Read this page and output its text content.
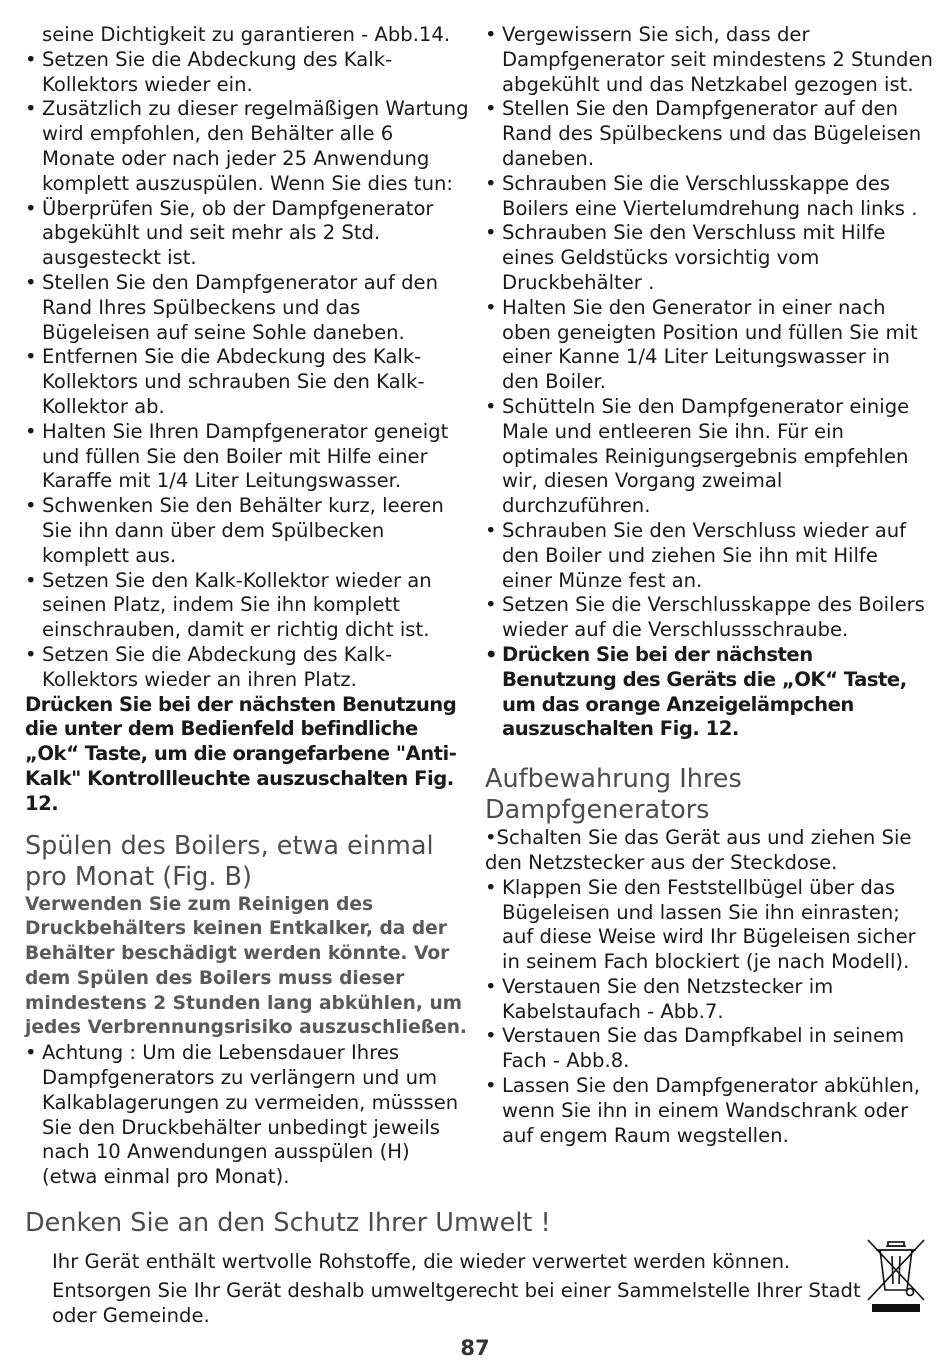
seine Dichtigkeit zu garantieren - Abb.14.
• Setzen Sie die Abdeckung des Kalk-Kollektors wieder ein.
• Zusätzlich zu dieser regelmäßigen Wartung wird empfohlen, den Behälter alle 6 Monate oder nach jeder 25 Anwendung komplett auszuspülen. Wenn Sie dies tun:
• Überprüfen Sie, ob der Dampfgenerator abgekühlt und seit mehr als 2 Std. ausgesteckt ist.
• Stellen Sie den Dampfgenerator auf den Rand Ihres Spülbeckens und das Bügeleisen auf seine Sohle daneben.
• Entfernen Sie die Abdeckung des Kalk-Kollektors und schrauben Sie den Kalk-Kollektor ab.
• Halten Sie Ihren Dampfgenerator geneigt und füllen Sie den Boiler mit Hilfe einer Karaffe mit 1/4 Liter Leitungswasser.
• Schwenken Sie den Behälter kurz, leeren Sie ihn dann über dem Spülbecken komplett aus.
• Setzen Sie den Kalk-Kollektor wieder an seinen Platz, indem Sie ihn komplett einschrauben, damit er richtig dicht ist.
• Setzen Sie die Abdeckung des Kalk-Kollektors wieder an ihren Platz.

Drücken Sie bei der nächsten Benutzung die unter dem Bedienfeld befindliche „Ok“ Taste, um die orangefarbene "Anti-Kalk" Kontrollleuchte auszuschalten Fig. 12.

Spülen des Boilers, etwa einmal pro Monat (Fig. B)

Verwenden Sie zum Reinigen des Druckbehälters keinen Entkalker, da der Behälter beschädigt werden könnte. Vor dem Spülen des Boilers muss dieser mindestens 2 Stunden lang abkühlen, um jedes Verbrennungsrisiko auszuschließen.

• Achtung : Um die Lebensdauer Ihres Dampfgenerators zu verlängern und um Kalkablagerungen zu vermeiden, müsssen Sie den Druckbehälter unbedingt jeweils nach 10 Anwendungen ausspülen (H) (etwa einmal pro Monat).
• Vergewissern Sie sich, dass der Dampfgenerator seit mindestens 2 Stunden abgekühlt und das Netzkabel gezogen ist.
• Stellen Sie den Dampfgenerator auf den Rand des Spülbeckens und das Bügeleisen daneben.
• Schrauben Sie die Verschlusskappe des Boilers eine Viertelumdrehung nach links .
• Schrauben Sie den Verschluss mit Hilfe eines Geldstücks vorsichtig vom Druckbehälter .
• Halten Sie den Generator in einer nach oben geneigten Position und füllen Sie mit einer Kanne 1/4 Liter Leitungswasser in den Boiler.
• Schütteln Sie den Dampfgenerator einige Male und entleeren Sie ihn. Für ein optimales Reinigungsergebnis empfehlen wir, diesen Vorgang zweimal durchzuführen.
• Schrauben Sie den Verschluss wieder auf den Boiler und ziehen Sie ihn mit Hilfe einer Münze fest an.
• Setzen Sie die Verschlusskappe des Boilers wieder auf die Verschlussschraube.
• Drücken Sie bei der nächsten Benutzung des Geräts die „OK“ Taste, um das orange Anzeigelämpchen auszuschalten Fig. 12.
Aufbewahrung Ihres Dampfgenerators

•Schalten Sie das Gerät aus und ziehen Sie den Netzstecker aus der Steckdose.

• Klappen Sie den Feststellbügel über das Bügeleisen und lassen Sie ihn einrasten; auf diese Weise wird Ihr Bügeleisen sicher in seinem Fach blockiert (je nach Modell).
• Verstauen Sie den Netzstecker im Kabelstaufach - Abb.7.
• Verstauen Sie das Dampfkabel in seinem Fach - Abb.8.
• Lassen Sie den Dampfgenerator abkühlen, wenn Sie ihn in einem Wandschrank oder auf engem Raum wegstellen.
Denken Sie an den Schutz Ihrer Umwelt !

Ihr Gerät enthält wertvolle Rohstoffe, die wieder verwertet werden können.

Entsorgen Sie Ihr Gerät deshalb umweltgerecht bei einer Sammelstelle Ihrer Stadt oder Gemeinde.

87
